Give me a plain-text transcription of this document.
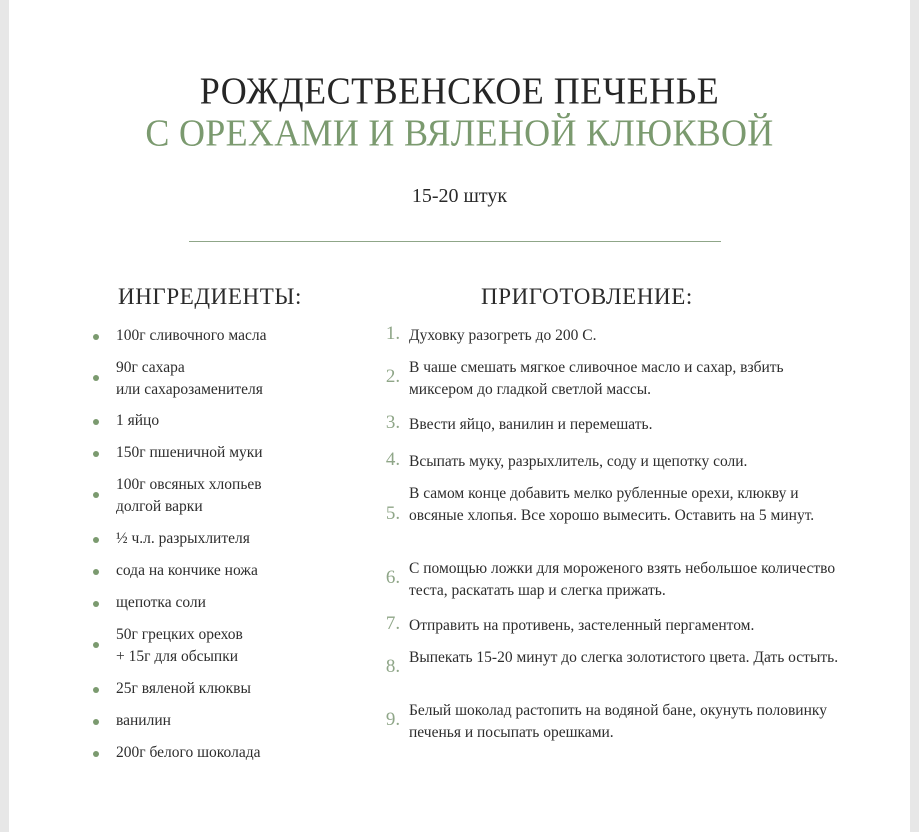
РОЖДЕСТВЕНСКОЕ ПЕЧЕНЬЕ
С ОРЕХАМИ И ВЯЛЕНОЙ КЛЮКВОЙ
15-20 штук
ИНГРЕДИЕНТЫ:	ПРИГОТОВЛЕНИЕ:
100г сливочного масла
90г сахара
или сахарозаменителя
1 яйцо
150г пшеничной муки
100г овсяных хлопьев
долгой варки
½ ч.л. разрыхлителя
сода на кончике ножа
щепотка соли
50г грецких орехов
+ 15г для обсыпки
25г вяленой клюквы
ванилин
200г белого шоколада
1. Духовку разогреть до 200 С.
2. В чаше смешать мягкое сливочное масло и сахар, взбить миксером до гладкой светлой массы.
3. Ввести яйцо, ванилин и перемешать.
4. Всыпать муку, разрыхлитель, соду и щепотку соли.
5.
В самом конце добавить мелко рубленные орехи, клюкву и овсяные хлопья. Все хорошо вымесить. Оставить на 5 минут.
6. С помощью ложки для мороженого взять небольшое количество теста, раскатать шар и слегка прижать.
7. Отправить на противень, застеленный пергаментом.
8. Выпекать 15-20 минут до слегка золотистого цвета. Дать остыть.
9. Белый шоколад растопить на водяной бане, окунуть половинку печенья и посыпать орешками.
